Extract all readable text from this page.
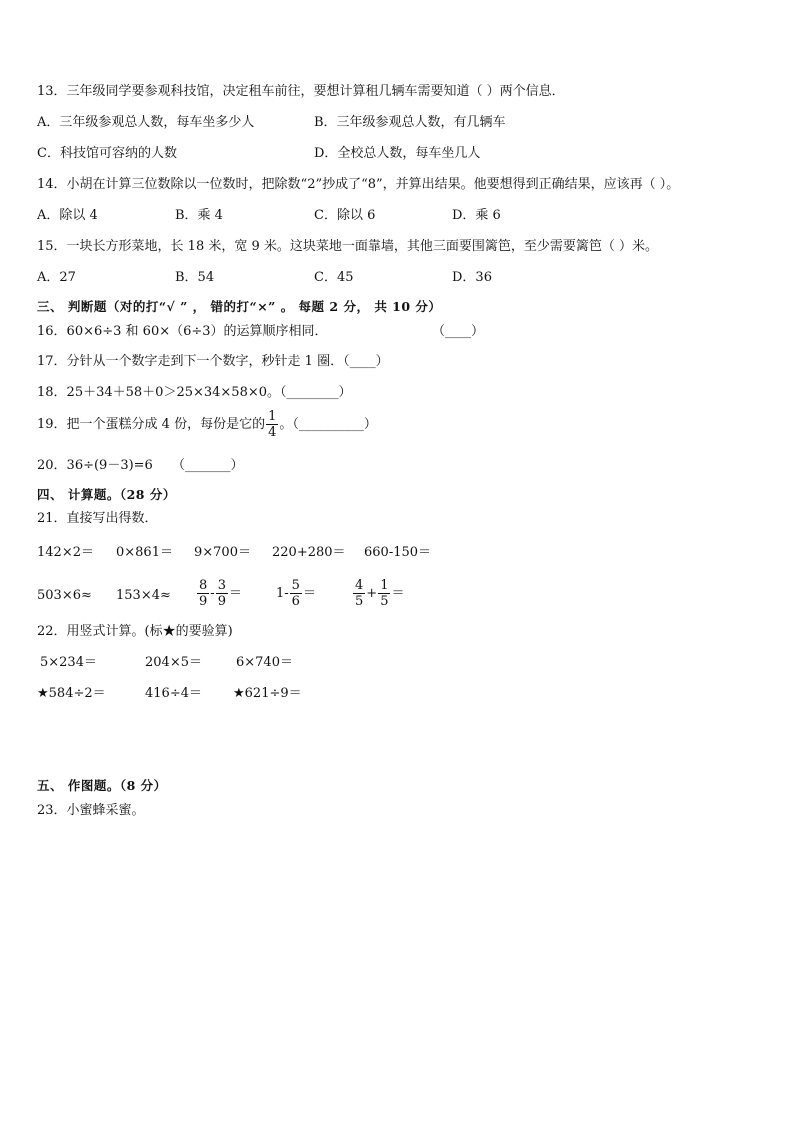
13．三年级同学要参观科技馆，决定租车前往，要想计算租几辆车需要知道（ ）两个信息．
A．三年级参观总人数，每车坐多少人	B．三年级参观总人数，有几辆车
C．科技馆可容纳的人数	D．全校总人数，每车坐几人
14．小胡在计算三位数除以一位数时，把除数“2”抄成了“8”，并算出结果。他要想得到正确结果，应该再（ ）。
A．除以 4	B．乘 4	C．除以 6	D．乘 6
15．一块长方形菜地，长 18 米，宽 9 米。这块菜地一面靠墙，其他三面要围篱笆，至少需要篱笆（ ）米。
A．27	B．54	C．45	D．36
三、 判断题（对的打“√ ” ， 错的打“×” 。 每题 2 分， 共 10 分）
16．60×6÷3 和 60×（6÷3）的运算顺序相同．	（____）
17．分针从一个数字走到下一个数字，秒针走 1 圈．（____）
18．25＋34＋58＋0＞25×34×58×0。（________）
19．把一个蛋糕分成 4 份，每份是它的 $\frac{1}{4}$ 。（__________）
20．36÷(9－3)=6 （_______）
四、 计算题。（28 分）
21．直接写出得数．
142×2＝ 0×861＝ 9×700＝ 220+280＝ 660-150＝
$503\times 6\approx 153\times 4\approx \frac{8}{9} - \frac{3}{9}$ ＝	$1- \frac{5}{6}$ ＝	$\frac{4}{5} + \frac{1}{5}$ ＝
22．用竖式计算。(标★的要验算)
5×234＝	204×5＝	6×740＝
★584÷2＝	416÷4＝ ★621÷9＝
五、 作图题。（8 分）
23．小蜜蜂采蜜。
